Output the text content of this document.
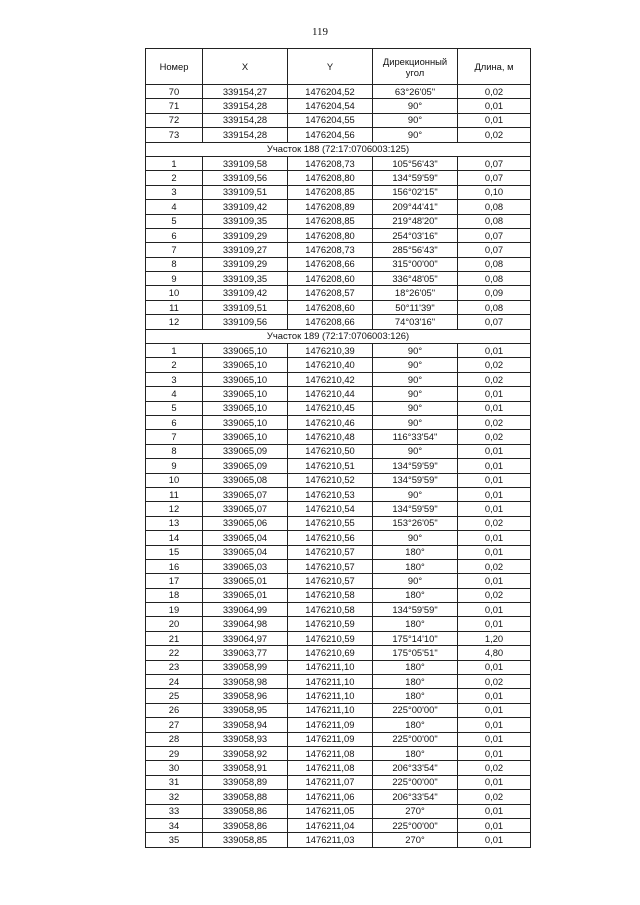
119
Номер	X	Y	Дирекционный угол	Длина, м
70	339154,27	1476204,52	63°26'05"	0,02
71	339154,28	1476204,54	90°	0,01
72	339154,28	1476204,55	90°	0,01
73	339154,28	1476204,56	90°	0,02
Участок 188 (72:17:0706003:125)				
1	339109,58	1476208,73	105°56'43"	0,07
2	339109,56	1476208,80	134°59'59"	0,07
3	339109,51	1476208,85	156°02'15"	0,10
4	339109,42	1476208,89	209°44'41"	0,08
5	339109,35	1476208,85	219°48'20"	0,08
6	339109,29	1476208,80	254°03'16"	0,07
7	339109,27	1476208,73	285°56'43"	0,07
8	339109,29	1476208,66	315°00'00"	0,08
9	339109,35	1476208,60	336°48'05"	0,08
10	339109,42	1476208,57	18°26'05"	0,09
11	339109,51	1476208,60	50°11'39"	0,08
12	339109,56	1476208,66	74°03'16"	0,07
Участок 189 (72:17:0706003:126)				
1	339065,10	1476210,39	90°	0,01
2	339065,10	1476210,40	90°	0,02
3	339065,10	1476210,42	90°	0,02
4	339065,10	1476210,44	90°	0,01
5	339065,10	1476210,45	90°	0,01
6	339065,10	1476210,46	90°	0,02
7	339065,10	1476210,48	116°33'54"	0,02
8	339065,09	1476210,50	90°	0,01
9	339065,09	1476210,51	134°59'59"	0,01
10	339065,08	1476210,52	134°59'59"	0,01
11	339065,07	1476210,53	90°	0,01
12	339065,07	1476210,54	134°59'59"	0,01
13	339065,06	1476210,55	153°26'05"	0,02
14	339065,04	1476210,56	90°	0,01
15	339065,04	1476210,57	180°	0,01
16	339065,03	1476210,57	180°	0,02
17	339065,01	1476210,57	90°	0,01
18	339065,01	1476210,58	180°	0,02
19	339064,99	1476210,58	134°59'59"	0,01
20	339064,98	1476210,59	180°	0,01
21	339064,97	1476210,59	175°14'10"	1,20
22	339063,77	1476210,69	175°05'51"	4,80
23	339058,99	1476211,10	180°	0,01
24	339058,98	1476211,10	180°	0,02
25	339058,96	1476211,10	180°	0,01
26	339058,95	1476211,10	225°00'00"	0,01
27	339058,94	1476211,09	180°	0,01
28	339058,93	1476211,09	225°00'00"	0,01
29	339058,92	1476211,08	180°	0,01
30	339058,91	1476211,08	206°33'54"	0,02
31	339058,89	1476211,07	225°00'00"	0,01
32	339058,88	1476211,06	206°33'54"	0,02
33	339058,86	1476211,05	270°	0,01
34	339058,86	1476211,04	225°00'00"	0,01
35	339058,85	1476211,03	270°	0,01
